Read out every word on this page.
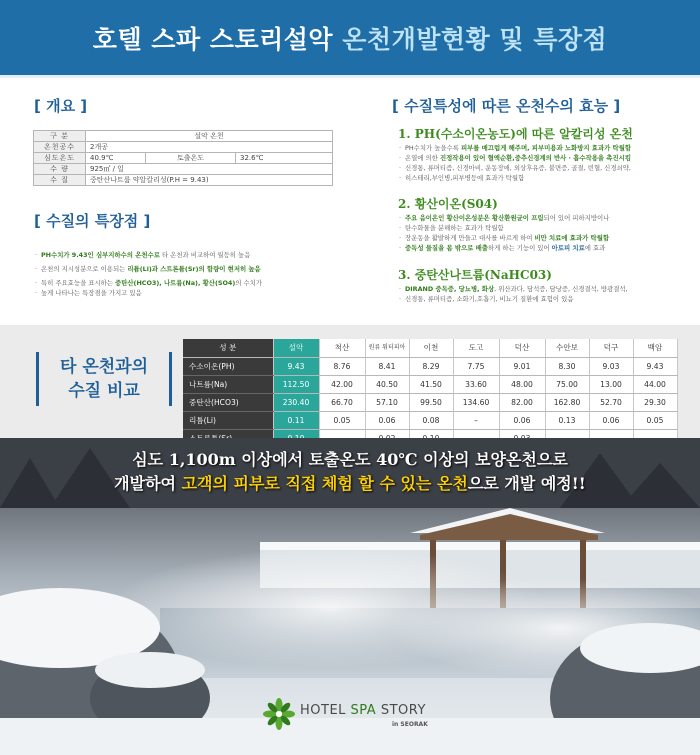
호텔 스파 스토리설악 온천개발현황 및 특장점
[ 개요 ]
구 분	설악 온천		
온천공수	2개공		
심도온도	40.9℃	토출온도	32.6℃
수 량	925㎥ / 일		
수 질	중탄산나트륨 약알칼리성(P.H = 9.43)		
[ 수질의 특장점 ]
· PH수치가 9.43인 심부지하수의 온천수로 타 온천과 비교하여 월등히 높음
· 온천의 지시성분으로 이용되는 리튬(Li)과 스트론튬(Sr)의 함량이 현저히 높음
· 특히 주요효능을 표시하는 중탄산(HCO3), 나트륨(Na), 황산(SO4)의 수치가
· 높게 나타나는 특장점을 가지고 있음
[ 수질특성에 따른 온천수의 효능 ]
1. PH(수소이온농도)에 따른 알칼리성 온천
· PH수치가 높을수록 피부를 매끄럽게 해주며, 피부미용과 노화방지 효과가 탁월함
· 온열에 의한 진정작용이 있어 혈액순환,중추신경계의 반사 · 흡수작용을 촉진시킴
· 신경통, 류머티즘, 신경마비, 운동장애, 외상후유증, 불면증, 골절, 빈혈, 신경쇠약,
· 히스테리,부인병,피부병등에 효과가 탁월함
2. 황산이온(S04)
· 주요 음이온인 황산이온성분은 황산환원균이 프림되어 있어 피하지방이나
· 탄수화물을 분해하는 효과가 탁월함
· 장운동을 활발하게 만들고 대사를 바르게 하여 비만 치료에 효과가 탁월함
· 중독성 물질을 몸 밖으로 배출하게 하는 기능이 있어 아토피 치료에 효과
3. 중탄산나트륨(NaHC03)
· DIRAND 중독증, 당뇨병, 화상, 위산과다, 담석증, 담낭증, 신경결석, 방광결석,
· 신경통, 류머티즘, 소화기,호흡기, 비뇨기 질환에 효험이 있음
타 온천과의
수질 비교
성 분	설악	척산	원류 워터피아	이천	도고	덕산	수안보	덕구	백암
수소이온(PH)	9.43	8.76	8.41	8.29	7.75	9.01	8.30	9.03	9.43
나트륨(Na)	112.50	42.00	40.50	41.50	33.60	48.00	75.00	13.00	44.00
중탄산(HCO3)	230.40	66.70	57.10	99.50	134.60	82.00	162.80	52.70	29.30
리튬(Li)	0.11	0.05	0.06	0.08	–	0.06	0.13	0.06	0.05

심도 1,100m 이상에서 토출온도 40℃ 이상의 보양온천으로
개발하여 고객의 피부로 직접 체험 할 수 있는 온천으로 개발 예정!!
HOTEL SPA STORY
in SEORAK
